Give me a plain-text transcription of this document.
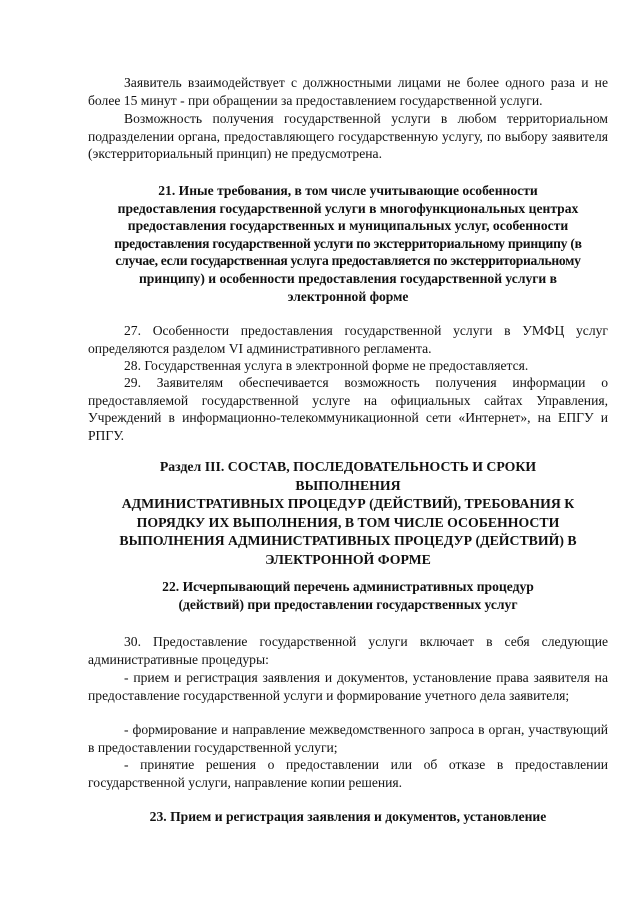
Заявитель взаимодействует с должностными лицами не более одного раза и не более 15 минут - при обращении за предоставлением государственной услуги.

Возможность получения государственной услуги в любом территориальном подразделении органа, предоставляющего государственную услугу, по выбору заявителя (экстерриториальный принцип) не предусмотрена.

21. Иные требования, в том числе учитывающие особенности
предоставления государственной услуги в многофункциональных центрах
предоставления государственных и муниципальных услуг, особенности
предоставления государственной услуги по экстерриториальному принципу (в
случае, если государственная услуга предоставляется по экстерриториальному
принципу) и особенности предоставления государственной услуги в
электронной форме

27. Особенности предоставления государственной услуги в УМФЦ услуг определяются разделом VI административного регламента.

28. Государственная услуга в электронной форме не предоставляется.

29. Заявителям обеспечивается возможность получения информации о предоставляемой государственной услуге на официальных сайтах Управления, Учреждений в информационно-телекоммуникационной сети «Интернет», на ЕПГУ и РПГУ.

Раздел III. СОСТАВ, ПОСЛЕДОВАТЕЛЬНОСТЬ И СРОКИ
ВЫПОЛНЕНИЯ
АДМИНИСТРАТИВНЫХ ПРОЦЕДУР (ДЕЙСТВИЙ), ТРЕБОВАНИЯ К
ПОРЯДКУ ИХ ВЫПОЛНЕНИЯ, В ТОМ ЧИСЛЕ ОСОБЕННОСТИ
ВЫПОЛНЕНИЯ АДМИНИСТРАТИВНЫХ ПРОЦЕДУР (ДЕЙСТВИЙ) В
ЭЛЕКТРОННОЙ ФОРМЕ
22. Исчерпывающий перечень административных процедур
(действий) при предоставлении государственных услуг

30. Предоставление государственной услуги включает в себя следующие административные процедуры:

- прием и регистрация заявления и документов, установление права заявителя на предоставление государственной услуги и формирование учетного дела заявителя;

- формирование и направление межведомственного запроса в орган, участвующий в предоставлении государственной услуги;

- принятие решения о предоставлении или об отказе в предоставлении государственной услуги, направление копии решения.

23. Прием и регистрация заявления и документов, установление
